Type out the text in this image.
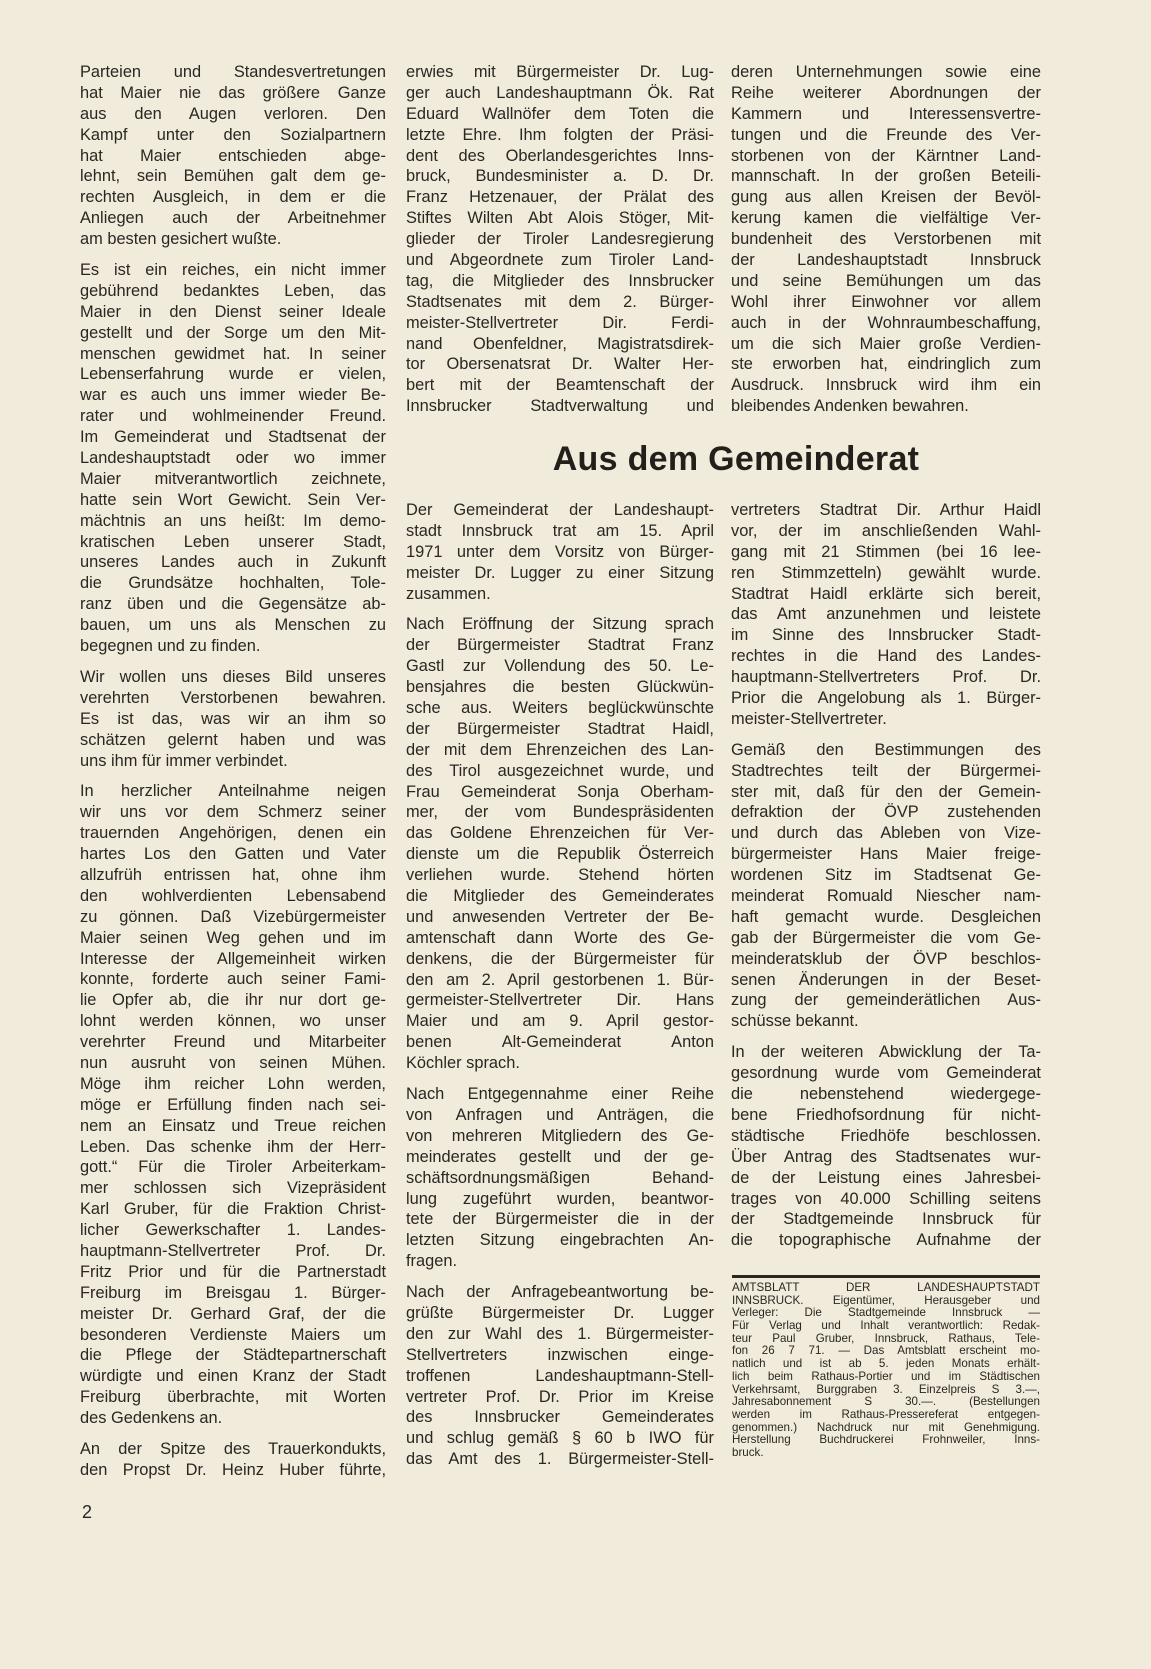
Parteien und Standesvertretungen
hat Maier nie das größere Ganze
aus den Augen verloren. Den
Kampf unter den Sozialpartnern
hat Maier entschieden abge-
lehnt, sein Bemühen galt dem ge-
rechten Ausgleich, in dem er die
Anliegen auch der Arbeitnehmer
am besten gesichert wußte.
Es ist ein reiches, ein nicht immer
gebührend bedanktes Leben, das
Maier in den Dienst seiner Ideale
gestellt und der Sorge um den Mit-
menschen gewidmet hat. In seiner
Lebenserfahrung wurde er vielen,
war es auch uns immer wieder Be-
rater und wohlmeinender Freund.
Im Gemeinderat und Stadtsenat der
Landeshauptstadt oder wo immer
Maier mitverantwortlich zeichnete,
hatte sein Wort Gewicht. Sein Ver-
mächtnis an uns heißt: Im demo-
kratischen Leben unserer Stadt,
unseres Landes auch in Zukunft
die Grundsätze hochhalten, Tole-
ranz üben und die Gegensätze ab-
bauen, um uns als Menschen zu
begegnen und zu finden.
Wir wollen uns dieses Bild unseres
verehrten Verstorbenen bewahren.
Es ist das, was wir an ihm so
schätzen gelernt haben und was
uns ihm für immer verbindet.
In herzlicher Anteilnahme neigen
wir uns vor dem Schmerz seiner
trauernden Angehörigen, denen ein
hartes Los den Gatten und Vater
allzufrüh entrissen hat, ohne ihm
den wohlverdienten Lebensabend
zu gönnen. Daß Vizebürgermeister
Maier seinen Weg gehen und im
Interesse der Allgemeinheit wirken
konnte, forderte auch seiner Fami-
lie Opfer ab, die ihr nur dort ge-
lohnt werden können, wo unser
verehrter Freund und Mitarbeiter
nun ausruht von seinen Mühen.
Möge ihm reicher Lohn werden,
möge er Erfüllung finden nach sei-
nem an Einsatz und Treue reichen
Leben. Das schenke ihm der Herr-
gott.“ Für die Tiroler Arbeiterkam-
mer schlossen sich Vizepräsident
Karl Gruber, für die Fraktion Christ-
licher Gewerkschafter 1. Landes-
hauptmann-Stellvertreter Prof. Dr.
Fritz Prior und für die Partnerstadt
Freiburg im Breisgau 1. Bürger-
meister Dr. Gerhard Graf, der die
besonderen Verdienste Maiers um
die Pflege der Städtepartnerschaft
würdigte und einen Kranz der Stadt
Freiburg überbrachte, mit Worten
des Gedenkens an.
An der Spitze des Trauerkondukts,
den Propst Dr. Heinz Huber führte,
erwies mit Bürgermeister Dr. Lug-
ger auch Landeshauptmann Ök. Rat
Eduard Wallnöfer dem Toten die
letzte Ehre. Ihm folgten der Präsi-
dent des Oberlandesgerichtes Inns-
bruck, Bundesminister a. D. Dr.
Franz Hetzenauer, der Prälat des
Stiftes Wilten Abt Alois Stöger, Mit-
glieder der Tiroler Landesregierung
und Abgeordnete zum Tiroler Land-
tag, die Mitglieder des Innsbrucker
Stadtsenates mit dem 2. Bürger-
meister-Stellvertreter Dir. Ferdi-
nand Obenfeldner, Magistratsdirek-
tor Obersenatsrat Dr. Walter Her-
bert mit der Beamtenschaft der
Innsbrucker Stadtverwaltung und
deren Unternehmungen sowie eine
Reihe weiterer Abordnungen der
Kammern und Interessensvertre-
tungen und die Freunde des Ver-
storbenen von der Kärntner Land-
mannschaft. In der großen Beteili-
gung aus allen Kreisen der Bevöl-
kerung kamen die vielfältige Ver-
bundenheit des Verstorbenen mit
der Landeshauptstadt Innsbruck
und seine Bemühungen um das
Wohl ihrer Einwohner vor allem
auch in der Wohnraumbeschaffung,
um die sich Maier große Verdien-
ste erworben hat, eindringlich zum
Ausdruck. Innsbruck wird ihm ein
bleibendes Andenken bewahren.
Aus dem Gemeinderat
Der Gemeinderat der Landeshaupt-
stadt Innsbruck trat am 15. April
1971 unter dem Vorsitz von Bürger-
meister Dr. Lugger zu einer Sitzung
zusammen.
Nach Eröffnung der Sitzung sprach
der Bürgermeister Stadtrat Franz
Gastl zur Vollendung des 50. Le-
bensjahres die besten Glückwün-
sche aus. Weiters beglückwünschte
der Bürgermeister Stadtrat Haidl,
der mit dem Ehrenzeichen des Lan-
des Tirol ausgezeichnet wurde, und
Frau Gemeinderat Sonja Oberham-
mer, der vom Bundespräsidenten
das Goldene Ehrenzeichen für Ver-
dienste um die Republik Österreich
verliehen wurde. Stehend hörten
die Mitglieder des Gemeinderates
und anwesenden Vertreter der Be-
amtenschaft dann Worte des Ge-
denkens, die der Bürgermeister für
den am 2. April gestorbenen 1. Bür-
germeister-Stellvertreter Dir. Hans
Maier und am 9. April gestor-
benen Alt-Gemeinderat Anton
Köchler sprach.
Nach Entgegennahme einer Reihe
von Anfragen und Anträgen, die
von mehreren Mitgliedern des Ge-
meinderates gestellt und der ge-
schäftsordnungsmäßigen Behand-
lung zugeführt wurden, beantwor-
tete der Bürgermeister die in der
letzten Sitzung eingebrachten An-
fragen.
Nach der Anfragebeantwortung be-
grüßte Bürgermeister Dr. Lugger
den zur Wahl des 1. Bürgermeister-
Stellvertreters inzwischen einge-
troffenen Landeshauptmann-Stell-
vertreter Prof. Dr. Prior im Kreise
des Innsbrucker Gemeinderates
und schlug gemäß § 60 b IWO für
das Amt des 1. Bürgermeister-Stell-
vertreters Stadtrat Dir. Arthur Haidl
vor, der im anschließenden Wahl-
gang mit 21 Stimmen (bei 16 lee-
ren Stimmzetteln) gewählt wurde.
Stadtrat Haidl erklärte sich bereit,
das Amt anzunehmen und leistete
im Sinne des Innsbrucker Stadt-
rechtes in die Hand des Landes-
hauptmann-Stellvertreters Prof. Dr.
Prior die Angelobung als 1. Bürger-
meister-Stellvertreter.
Gemäß den Bestimmungen des
Stadtrechtes teilt der Bürgermei-
ster mit, daß für den der Gemein-
defraktion der ÖVP zustehenden
und durch das Ableben von Vize-
bürgermeister Hans Maier freige-
wordenen Sitz im Stadtsenat Ge-
meinderat Romuald Niescher nam-
haft gemacht wurde. Desgleichen
gab der Bürgermeister die vom Ge-
meinderatsklub der ÖVP beschlos-
senen Änderungen in der Beset-
zung der gemeinderätlichen Aus-
schüsse bekannt.
In der weiteren Abwicklung der Ta-
gesordnung wurde vom Gemeinderat
die nebenstehend wiedergege-
bene Friedhofsordnung für nicht-
städtische Friedhöfe beschlossen.
Über Antrag des Stadtsenates wur-
de der Leistung eines Jahresbei-
trages von 40.000 Schilling seitens
der Stadtgemeinde Innsbruck für
die topographische Aufnahme der
AMTSBLATT DER LANDESHAUPTSTADT
INNSBRUCK. Eigentümer, Herausgeber und
Verleger: Die Stadtgemeinde Innsbruck —
Für Verlag und Inhalt verantwortlich: Redak-
teur Paul Gruber, Innsbruck, Rathaus, Tele-
fon 26 7 71. — Das Amtsblatt erscheint mo-
natlich und ist ab 5. jeden Monats erhält-
lich beim Rathaus-Portier und im Städtischen
Verkehrsamt, Burggraben 3. Einzelpreis S 3.—,
Jahresabonnement S 30.—. (Bestellungen
werden im Rathaus-Pressereferat entgegen-
genommen.) Nachdruck nur mit Genehmigung.
Herstellung Buchdruckerei Frohnweiler, Inns-
bruck.
2
